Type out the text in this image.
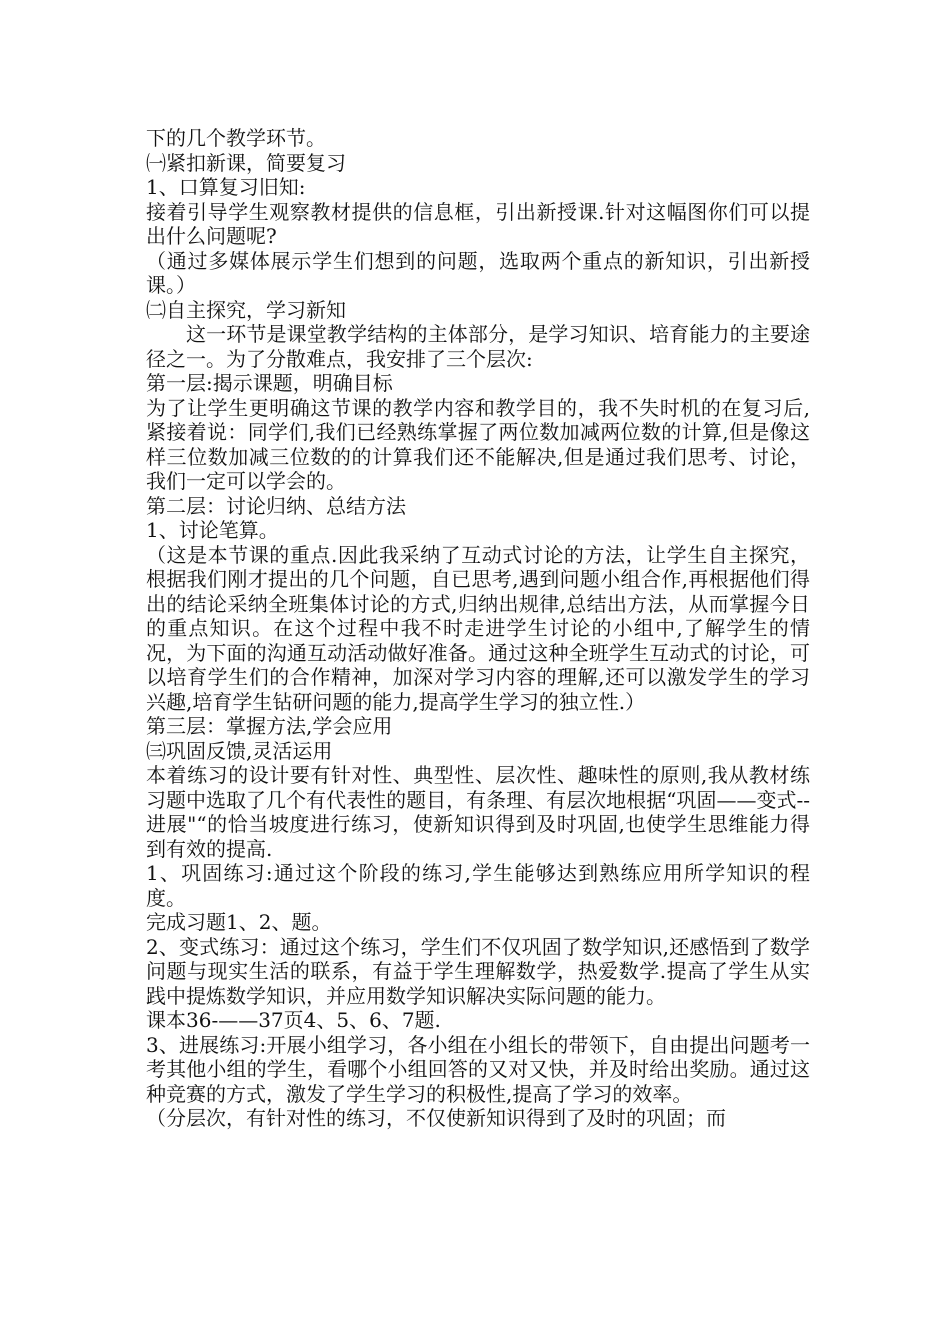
下的几个教学环节。

㈠紧扣新课，简要复习

1、口算复习旧知:

接着引导学生观察教材提供的信息框，引出新授课.针对这幅图你们可以提出什么问题呢?

（通过多媒体展示学生们想到的问题，选取两个重点的新知识，引出新授课。）

㈡自主探究，学习新知

这一环节是课堂教学结构的主体部分，是学习知识、培育能力的主要途径之一。为了分散难点，我安排了三个层次:

第一层:揭示课题，明确目标

为了让学生更明确这节课的教学内容和教学目的，我不失时机的在复习后,紧接着说：同学们,我们已经熟练掌握了两位数加减两位数的计算,但是像这样三位数加减三位数的的计算我们还不能解决,但是通过我们思考、讨论，我们一定可以学会的。

第二层：讨论归纳、总结方法

1、讨论笔算。

（这是本节课的重点.因此我采纳了互动式讨论的方法，让学生自主探究，根据我们刚才提出的几个问题，自已思考,遇到问题小组合作,再根据他们得出的结论采纳全班集体讨论的方式,归纳出规律,总结出方法，从而掌握今日的重点知识。在这个过程中我不时走进学生讨论的小组中,了解学生的情况，为下面的沟通互动活动做好准备。通过这种全班学生互动式的讨论，可以培育学生们的合作精神，加深对学习内容的理解,还可以激发学生的学习兴趣,培育学生钻研问题的能力,提高学生学习的独立性.）

第三层：掌握方法,学会应用

㈢巩固反馈,灵活运用

本着练习的设计要有针对性、典型性、层次性、趣味性的原则,我从教材练习题中选取了几个有代表性的题目，有条理、有层次地根据“巩固——变式--进展"“的恰当坡度进行练习，使新知识得到及时巩固,也使学生思维能力得到有效的提高.

1、巩固练习:通过这个阶段的练习,学生能够达到熟练应用所学知识的程度。

完成习题1、2、题。

2、变式练习：通过这个练习，学生们不仅巩固了数学知识,还感悟到了数学问题与现实生活的联系，有益于学生理解数学，热爱数学.提高了学生从实践中提炼数学知识，并应用数学知识解决实际问题的能力。

课本36-——37页4、5、6、7题.

3、进展练习:开展小组学习，各小组在小组长的带领下，自由提出问题考一考其他小组的学生，看哪个小组回答的又对又快，并及时给出奖励。通过这种竞赛的方式，激发了学生学习的积极性,提高了学习的效率。

（分层次，有针对性的练习，不仅使新知识得到了及时的巩固；而
